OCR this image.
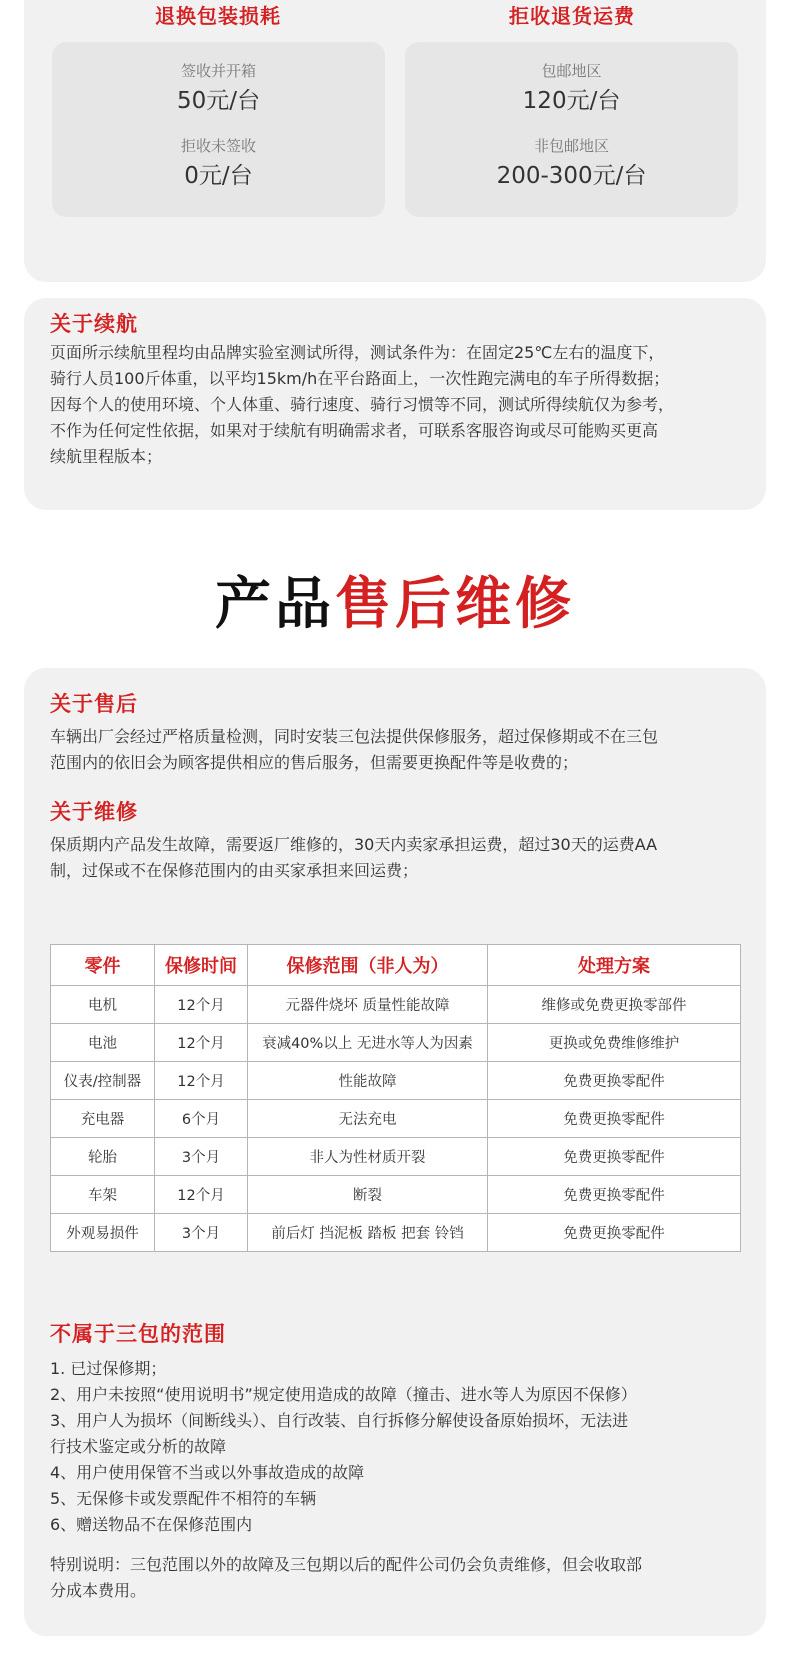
退换包装损耗	拒收退货运费
签收并开箱
50元/台
拒收未签收
0元/台
包邮地区
120元/台
非包邮地区
200-300元/台
关于续航
页面所示续航里程均由品牌实验室测试所得，测试条件为：在固定25℃左右的温度下，
骑行人员100斤体重，以平均15km/h在平台路面上，一次性跑完满电的车子所得数据；
因每个人的使用环境、个人体重、骑行速度、骑行习惯等不同，测试所得续航仅为参考，
不作为任何定性依据，如果对于续航有明确需求者，可联系客服咨询或尽可能购买更高
续航里程版本；
产品售后维修
关于售后
车辆出厂会经过严格质量检测，同时安装三包法提供保修服务，超过保修期或不在三包
范围内的依旧会为顾客提供相应的售后服务，但需要更换配件等是收费的；
关于维修
保质期内产品发生故障，需要返厂维修的，30天内卖家承担运费，超过30天的运费AA
制，过保或不在保修范围内的由买家承担来回运费；
零件	保修时间	保修范围（非人为）	处理方案
电机	12个月	元器件烧坏 质量性能故障	维修或免费更换零部件
电池	12个月	衰减40%以上 无进水等人为因素	更换或免费维修维护
仪表/控制器	12个月	性能故障	免费更换零配件
充电器	6个月	无法充电	免费更换零配件
轮胎	3个月	非人为性材质开裂	免费更换零配件
车架	12个月	断裂	免费更换零配件
外观易损件	3个月	前后灯 挡泥板 踏板 把套 铃铛	免费更换零配件
不属于三包的范围
1. 已过保修期；
2、用户未按照“使用说明书”规定使用造成的故障（撞击、进水等人为原因不保修）
3、用户人为损坏（间断线头）、自行改装、自行拆修分解使设备原始损坏，无法进
行技术鉴定或分析的故障
4、用户使用保管不当或以外事故造成的故障
5、无保修卡或发票配件不相符的车辆
6、赠送物品不在保修范围内
特别说明：三包范围以外的故障及三包期以后的配件公司仍会负责维修，但会收取部
分成本费用。
